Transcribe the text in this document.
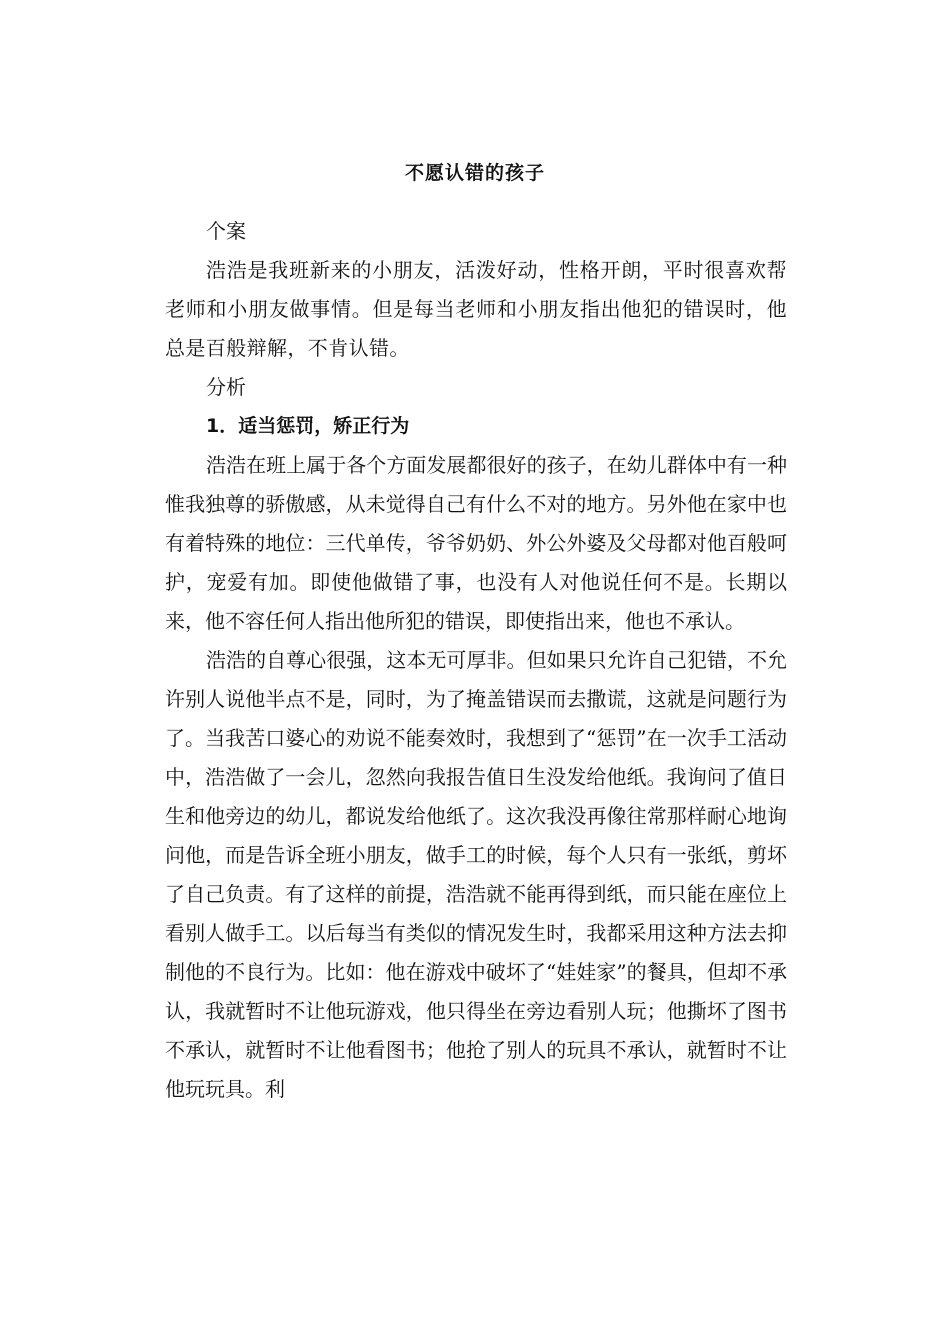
不愿认错的孩子

个案

浩浩是我班新来的小朋友，活泼好动，性格开朗，平时很喜欢帮老师和小朋友做事情。但是每当老师和小朋友指出他犯的错误时，他总是百般辩解，不肯认错。

分析

1．适当惩罚，矫正行为

浩浩在班上属于各个方面发展都很好的孩子，在幼儿群体中有一种惟我独尊的骄傲感，从未觉得自己有什么不对的地方。另外他在家中也有着特殊的地位：三代单传，爷爷奶奶、外公外婆及父母都对他百般呵护，宠爱有加。即使他做错了事，也没有人对他说任何不是。长期以来，他不容任何人指出他所犯的错误，即使指出来，他也不承认。

浩浩的自尊心很强，这本无可厚非。但如果只允许自己犯错，不允许别人说他半点不是，同时，为了掩盖错误而去撒谎，这就是问题行为了。当我苦口婆心的劝说不能奏效时，我想到了“惩罚”在一次手工活动中，浩浩做了一会儿，忽然向我报告值日生没发给他纸。我询问了值日生和他旁边的幼儿，都说发给他纸了。这次我没再像往常那样耐心地询问他，而是告诉全班小朋友，做手工的时候，每个人只有一张纸，剪坏了自己负责。有了这样的前提，浩浩就不能再得到纸，而只能在座位上看别人做手工。以后每当有类似的情况发生时，我都采用这种方法去抑制他的不良行为。比如：他在游戏中破坏了“娃娃家”的餐具，但却不承认，我就暂时不让他玩游戏，他只得坐在旁边看别人玩；他撕坏了图书不承认，就暂时不让他看图书；他抢了别人的玩具不承认，就暂时不让他玩玩具。利
